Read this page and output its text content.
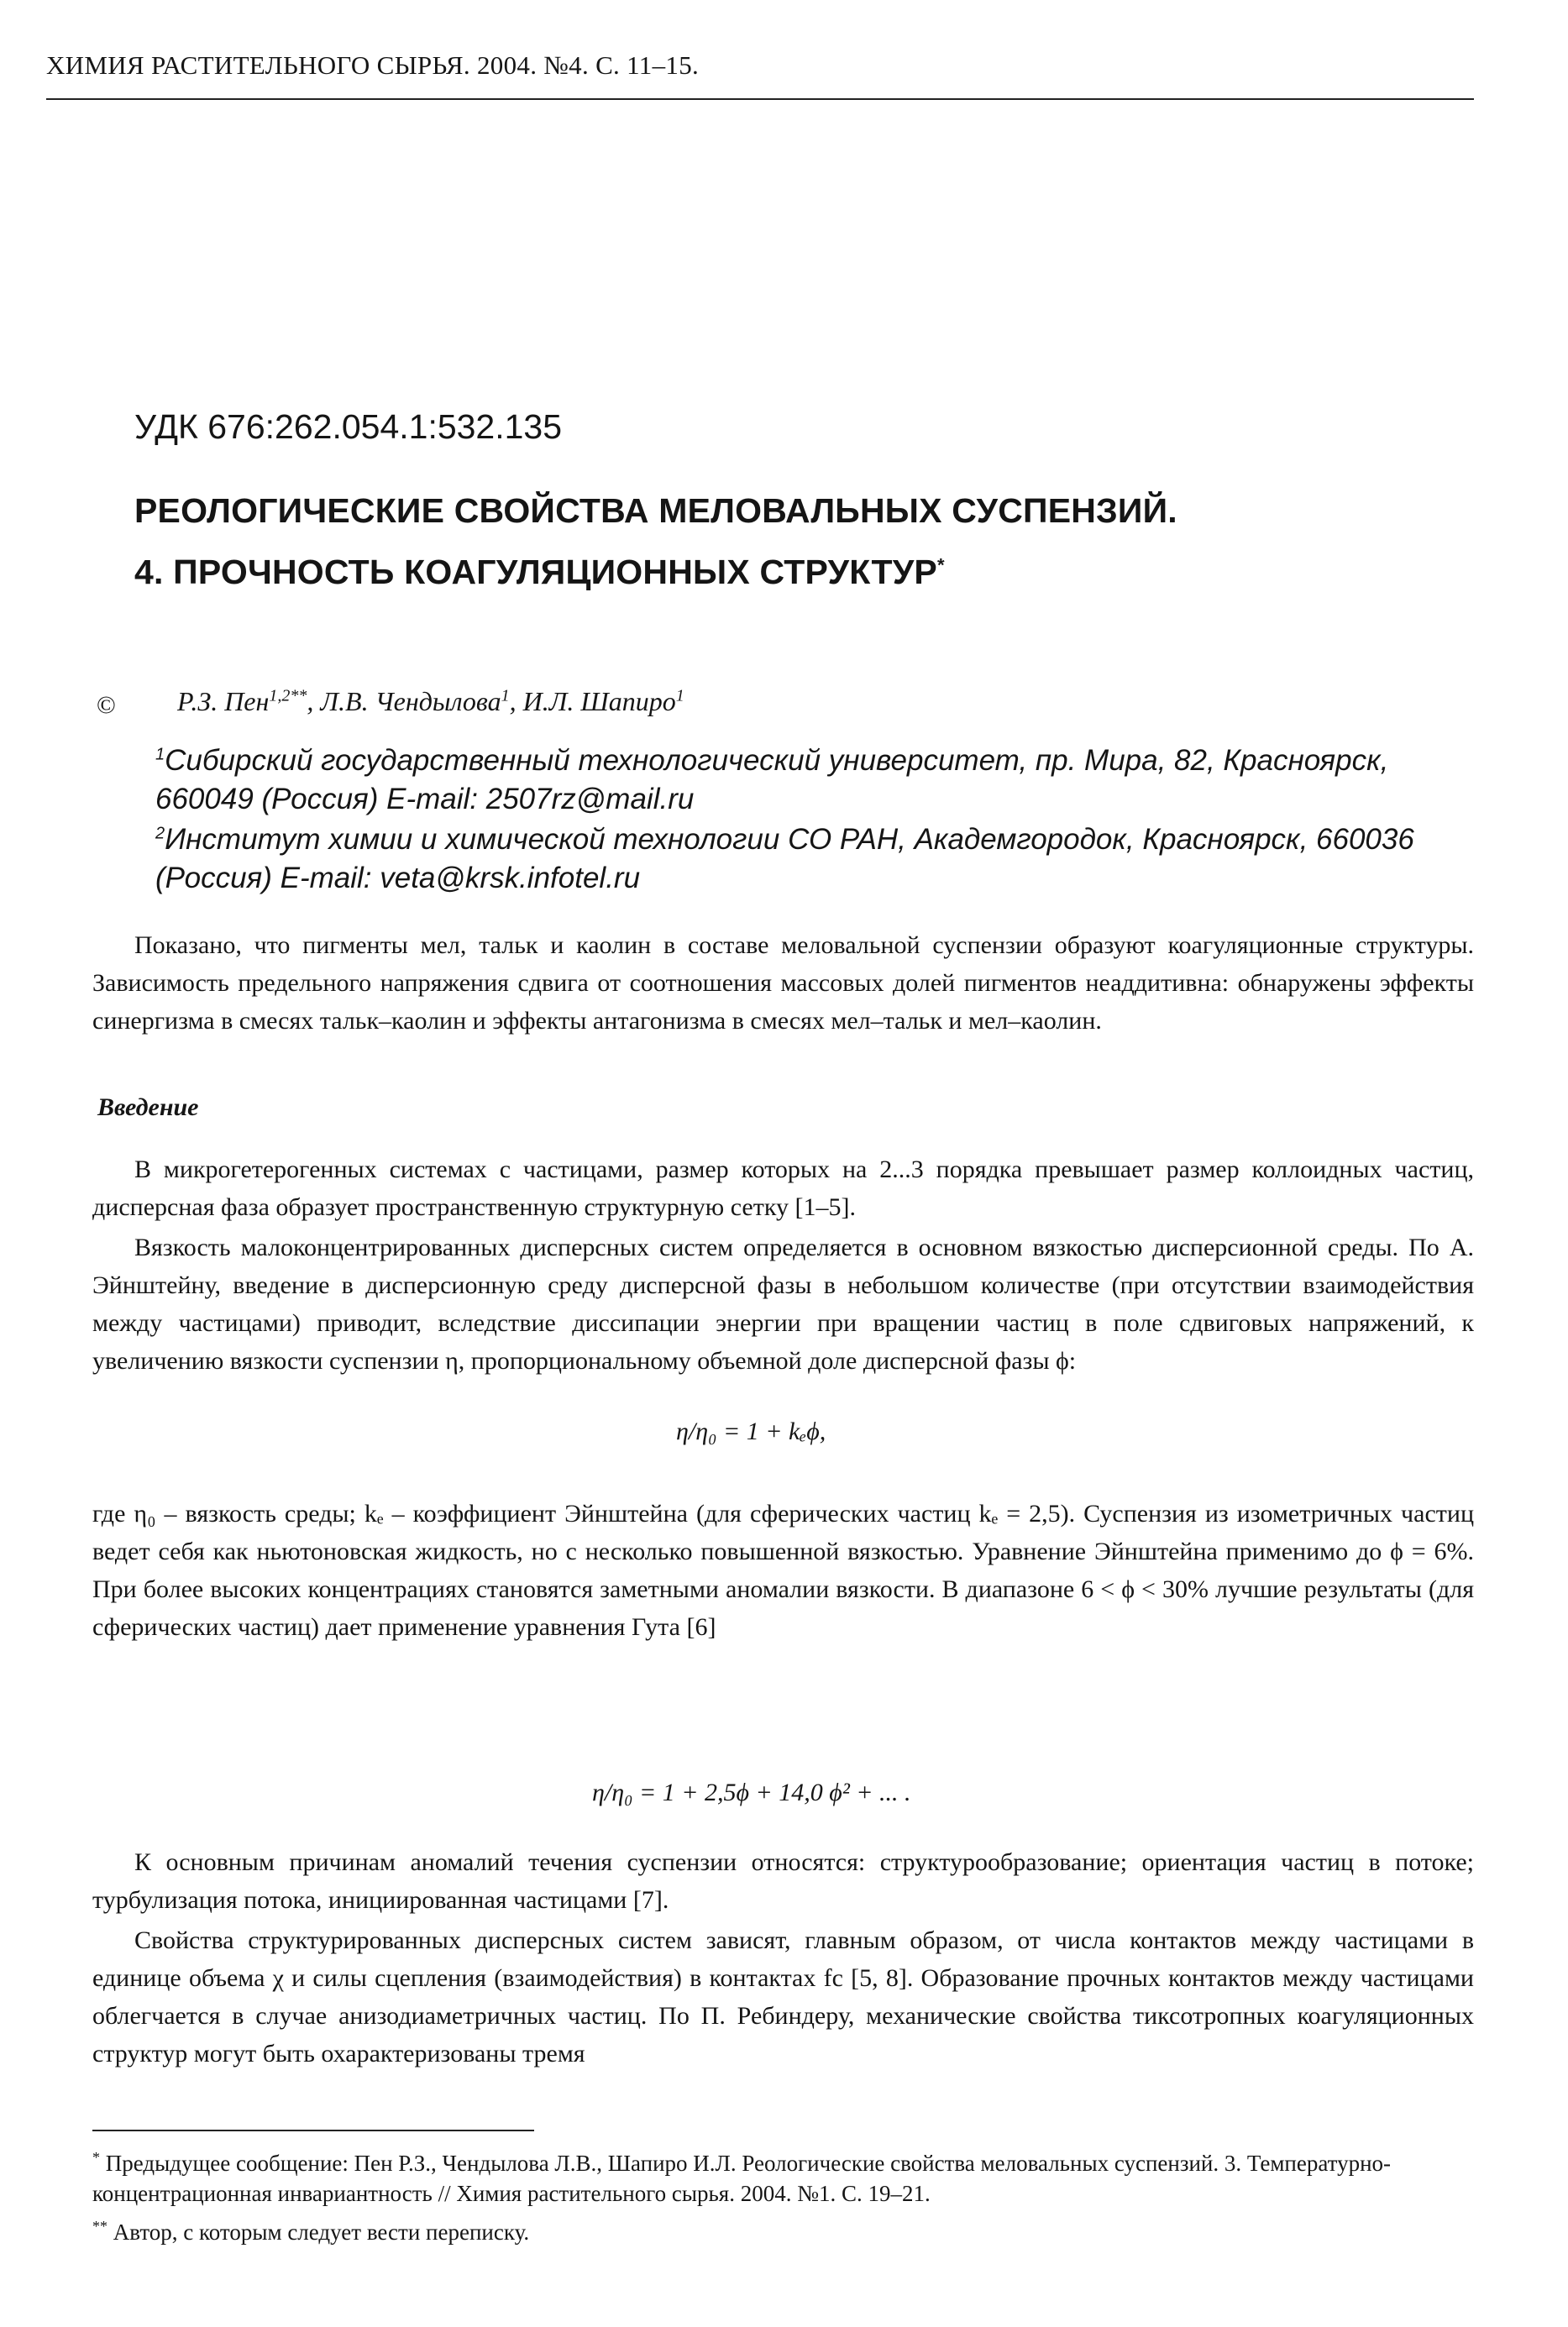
ХИМИЯ РАСТИТЕЛЬНОГО СЫРЬЯ. 2004. №4. С. 11–15.
УДК 676:262.054.1:532.135
РЕОЛОГИЧЕСКИЕ СВОЙСТВА МЕЛОВАЛЬНЫХ СУСПЕНЗИЙ.
4. ПРОЧНОСТЬ КОАГУЛЯЦИОННЫХ СТРУКТУР*
© Р.З. Пен$^{1,2**}$, Л.В. Чендылова$^1$, И.Л. Шапиро$^1$
$^1$Сибирский государственный технологический университет, пр. Мира, 82, Красноярск, 660049 (Россия) E-mail: 2507rz@mail.ru
$^2$Институт химии и химической технологии СО РАН, Академгородок, Красноярск, 660036 (Россия) E-mail: veta@krsk.infotel.ru
Показано, что пигменты мел, тальк и каолин в составе меловальной суспензии образуют коагуляционные структуры. Зависимость предельного напряжения сдвига от соотношения массовых долей пигментов неаддитивна: обнаружены эффекты синергизма в смесях тальк–каолин и эффекты антагонизма в смесях мел–тальк и мел–каолин.
Введение
В микрогетерогенных системах с частицами, размер которых на 2...3 порядка превышает размер коллоидных частиц, дисперсная фаза образует пространственную структурную сетку [1–5].
Вязкость малоконцентрированных дисперсных систем определяется в основном вязкостью дисперсионной среды. По А. Эйнштейну, введение в дисперсионную среду дисперсной фазы в небольшом количестве (при отсутствии взаимодействия между частицами) приводит, вследствие диссипации энергии при вращении частиц в поле сдвиговых напряжений, к увеличению вязкости суспензии η, пропорциональному объемной доле дисперсной фазы ϕ:
η/η₀ = 1 + kₑϕ,
где η₀ – вязкость среды; kₑ – коэффициент Эйнштейна (для сферических частиц kₑ = 2,5). Суспензия из изометричных частиц ведет себя как ньютоновская жидкость, но с несколько повышенной вязкостью. Уравнение Эйнштейна применимо до ϕ = 6%. При более высоких концентрациях становятся заметными аномалии вязкости. В диапазоне 6 < ϕ < 30% лучшие результаты (для сферических частиц) дает применение уравнения Гута [6]
η/η₀ = 1 + 2,5ϕ + 14,0 ϕ² + ... .
К основным причинам аномалий течения суспензии относятся: структурообразование; ориентация частиц в потоке; турбулизация потока, инициированная частицами [7].
Свойства структурированных дисперсных систем зависят, главным образом, от числа контактов между частицами в единице объема χ и силы сцепления (взаимодействия) в контактах fс [5, 8]. Образование прочных контактов между частицами облегчается в случае анизодиаметричных частиц. По П. Ребиндеру, механические свойства тиксотропных коагуляционных структур могут быть охарактеризованы тремя
* Предыдущее сообщение: Пен Р.З., Чендылова Л.В., Шапиро И.Л. Реологические свойства меловальных суспензий. 3. Температурно-концентрационная инвариантность // Химия растительного сырья. 2004. №1. С. 19–21.
** Автор, с которым следует вести переписку.
